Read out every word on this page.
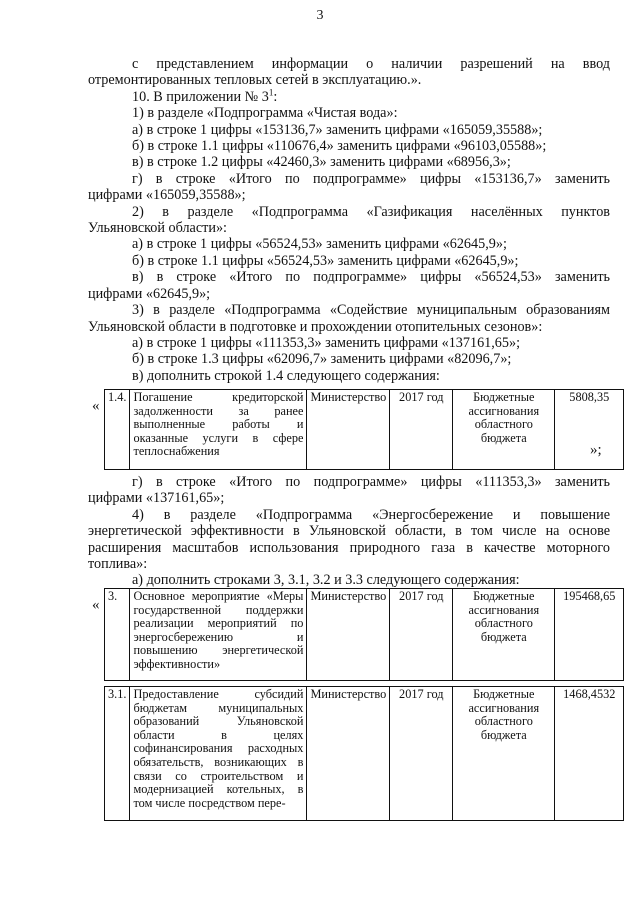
3
с представлением информации о наличии разрешений на ввод
отремонтированных тепловых сетей в эксплуатацию.».
10. В приложении № $3^1$:
1) в разделе «Подпрограмма «Чистая вода»:
а) в строке 1 цифры «153136,7» заменить цифрами «165059,35588»;
б) в строке 1.1 цифры «110676,4» заменить цифрами «96103,05588»;
в) в строке 1.2 цифры «42460,3» заменить цифрами «68956,3»;
г) в строке «Итого по подпрограмме» цифры «153136,7» заменить
цифрами «165059,35588»;
2) в разделе «Подпрограмма «Газификация населённых пунктов
Ульяновской области»:
а) в строке 1 цифры «56524,53» заменить цифрами «62645,9»;
б) в строке 1.1 цифры «56524,53» заменить цифрами «62645,9»;
в) в строке «Итого по подпрограмме» цифры «56524,53» заменить
цифрами «62645,9»;
3) в разделе «Подпрограмма «Содействие муниципальным образованиям
Ульяновской области в подготовке и прохождении отопительных сезонов»:
а) в строке 1 цифры «111353,3» заменить цифрами «137161,65»;
б) в строке 1.3 цифры «62096,7» заменить цифрами «82096,7»;
в) дополнить строкой 1.4 следующего содержания:
«
1.4.	Погашение кредиторской задолженности за ранее выполненные работы и оказанные услуги в сфере теплоснабжения	Министерство	2017 год	Бюджетные ассигнования областного бюджета	5808,35
»;
г) в строке «Итого по подпрограмме» цифры «111353,3» заменить
цифрами «137161,65»;
4) в разделе «Подпрограмма «Энергосбережение и повышение
энергетической эффективности в Ульяновской области, в том числе на основе
расширения масштабов использования природного газа в качестве моторного
топлива»:
а) дополнить строками 3, 3.1, 3.2 и 3.3 следующего содержания:
«
3.	Основное мероприятие «Меры государственной поддержки реализации мероприятий по энергосбережению и повышению энергетической эффективности»	Министерство	2017 год	Бюджетные ассигнования областного бюджета	195468,65

3.1.	Предоставление субсидий бюджетам муниципальных образований Ульяновской области в целях софинансирования расходных обязательств, возникающих в связи со строительством и модернизацией котельных, в том числе посредством пере-	Министерство	2017 год	Бюджетные ассигнования областного бюджета	1468,4532
